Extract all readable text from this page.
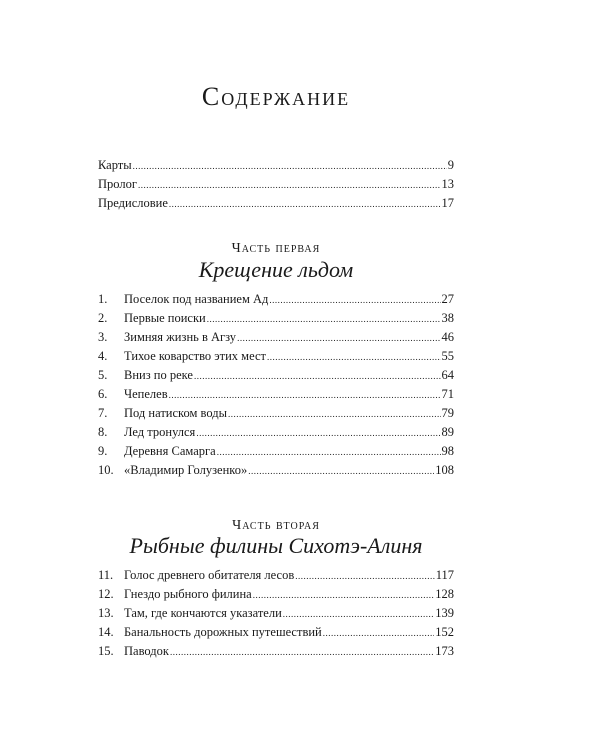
Содержание
Карты .....	9
Пролог .....	13
Предисловие .....	17
Часть первая
Крещение льдом
1.	Поселок под названием Ад .....	27
2.	Первые поиски .....	38
3.	Зимняя жизнь в Агзу .....	46
4.	Тихое коварство этих мест .....	55
5.	Вниз по реке .....	64
6.	Чепелев .....	71
7.	Под натиском воды .....	79
8.	Лед тронулся .....	89
9.	Деревня Самарга .....	98
10. «Владимир Голузенко» .....	108
Часть вторая
Рыбные филины Сихотэ-Алиня
11. Голос древнего обитателя лесов .....	117
12. Гнездо рыбного филина .....	128
13. Там, где кончаются указатели .....	139
14. Банальность дорожных путешествий .....	152
15. Паводок .....	173
